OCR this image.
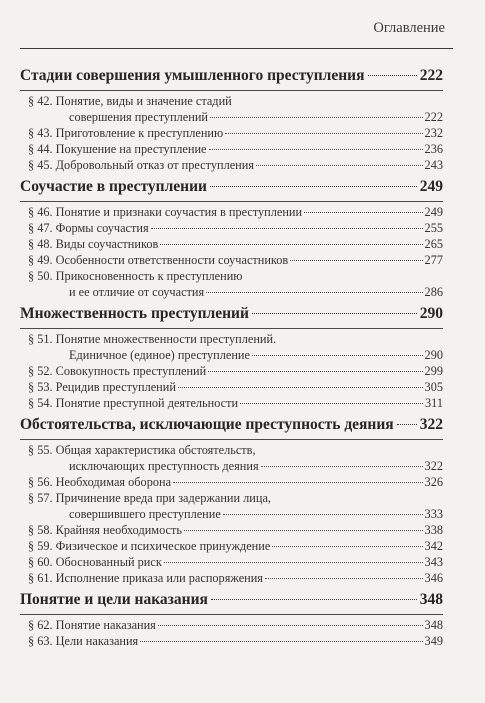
Оглавление
Стадии совершения умышленного преступления	222
§ 42. Понятие, виды и значение стадий
совершения преступлений	222
§ 43. Приготовление к преступлению	232
§ 44. Покушение на преступление	236
§ 45. Добровольный отказ от преступления	243
Соучастие в преступлении	249
§ 46. Понятие и признаки соучастия в преступлении	249
§ 47. Формы соучастия	255
§ 48. Виды соучастников	265
§ 49. Особенности ответственности соучастников	277
§ 50. Прикосновенность к преступлению
и ее отличие от соучастия	286
Множественность преступлений	290
§ 51. Понятие множественности преступлений.
Единичное (единое) преступление	290
§ 52. Совокупность преступлений	299
§ 53. Рецидив преступлений	305
§ 54. Понятие преступной деятельности	311
Обстоятельства, исключающие преступность деяния 322
§ 55. Общая характеристика обстоятельств,
исключающих преступность деяния	322
§ 56. Необходимая оборона	326
§ 57. Причинение вреда при задержании лица,
совершившего преступление	333
§ 58. Крайняя необходимость	338
§ 59. Физическое и психическое принуждение	342
§ 60. Обоснованный риск	343
§ 61. Исполнение приказа или распоряжения	346
Понятие и цели наказания	348
§ 62. Понятие наказания	348
§ 63. Цели наказания	349
